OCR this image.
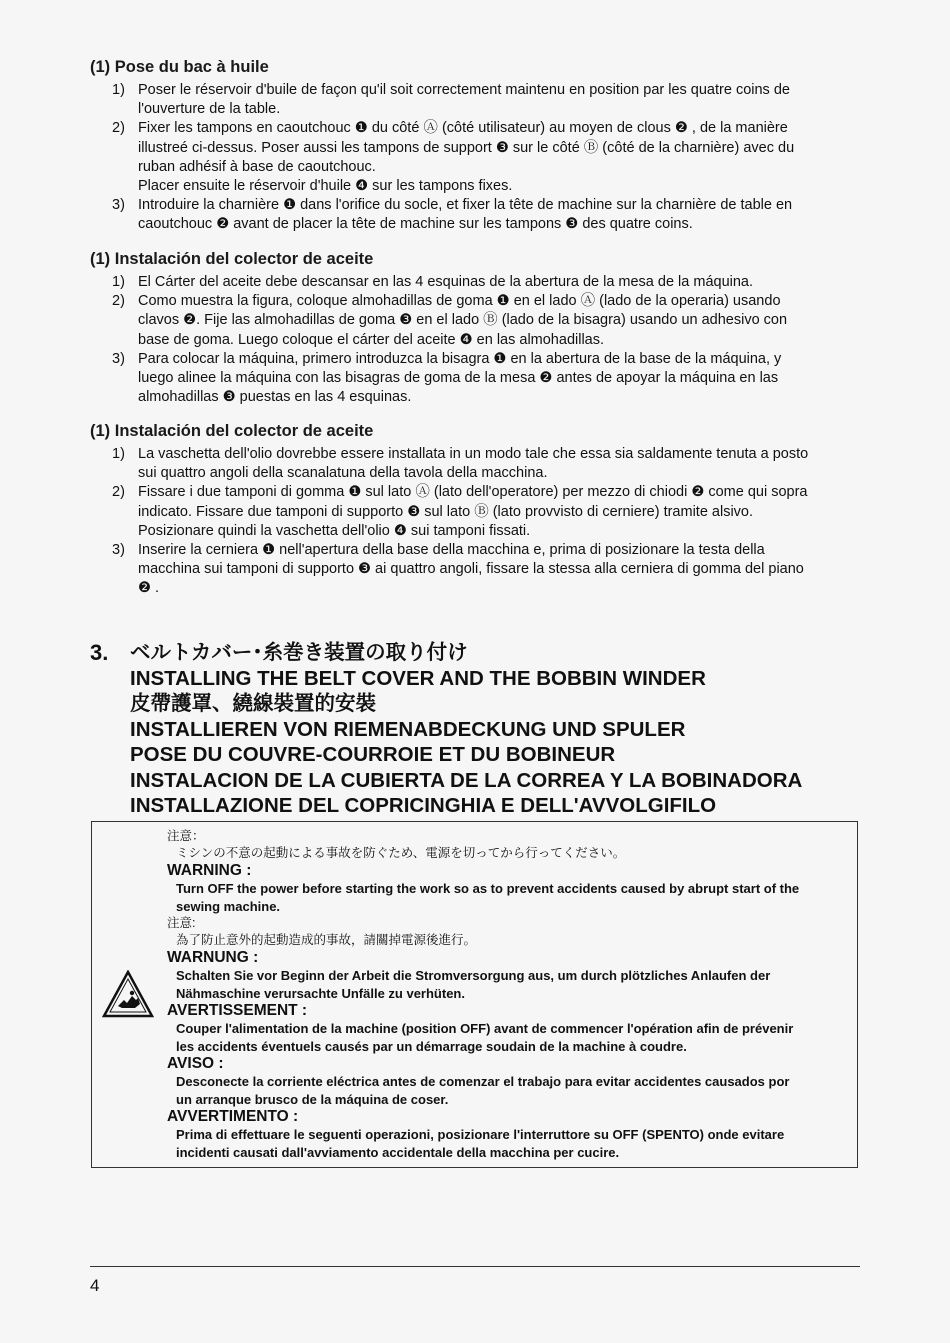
(1) Pose du bac à huile
1) Poser le réservoir d'buile de façon qu'il soit correctement maintenu en position par les quatre coins de
l'ouverture de la table.
2) Fixer les tampons en caoutchouc ❶ du côté Ⓐ (côté utilisateur) au moyen de clous ❷ , de la manière
illustreé ci-dessus. Poser aussi les tampons de support ❸ sur le côté Ⓑ (côté de la charnière) avec du
ruban adhésif à base de caoutchouc.
Placer ensuite le réservoir d'huile ❹ sur les tampons fixes.
3) Introduire la charnière ❶ dans l'orifice du socle, et fixer la tête de machine sur la charnière de table en
caoutchouc ❷ avant de placer la tête de machine sur les tampons ❸ des quatre coins.
(1) Instalación del colector de aceite
1) El Cárter del aceite debe descansar en las 4 esquinas de la abertura de la mesa de la máquina.
2) Como muestra la figura, coloque almohadillas de goma ❶ en el lado Ⓐ (lado de la operaria) usando
clavos ❷. Fije las almohadillas de goma ❸ en el lado Ⓑ (lado de la bisagra) usando un adhesivo con
base de goma. Luego coloque el cárter del aceite ❹ en las almohadillas.
3) Para colocar la máquina, primero introduzca la bisagra ❶ en la abertura de la base de la máquina, y
luego alinee la máquina con las bisagras de goma de la mesa ❷ antes de apoyar la máquina en las
almohadillas ❸ puestas en las 4 esquinas.
(1) Instalación del colector de aceite
1) La vaschetta dell'olio dovrebbe essere installata in un modo tale che essa sia saldamente tenuta a posto
sui quattro angoli della scanalatuna della tavola della macchina.
2) Fissare i due tamponi di gomma ❶ sul lato Ⓐ (lato dell'operatore) per mezzo di chiodi ❷ come qui sopra
indicato. Fissare due tamponi di supporto ❸ sul lato Ⓑ (lato provvisto di cerniere) tramite alsivo.
Posizionare quindi la vaschetta dell'olio ❹ sui tamponi fissati.
3) Inserire la cerniera ❶ nell'apertura della base della macchina e, prima di posizionare la testa della
macchina sui tamponi di supporto ❸ ai quattro angoli, fissare la stessa alla cerniera di gomma del piano
❷ .
3. ベルトカバー･糸巻き装置の取り付け
INSTALLING THE BELT COVER AND THE BOBBIN WINDER
皮帶護罩、繞線裝置的安裝
INSTALLIEREN VON RIEMENABDECKUNG UND SPULER
POSE DU COUVRE-COURROIE ET DU BOBINEUR
INSTALACION DE LA CUBIERTA DE LA CORREA Y LA BOBINADORA
INSTALLAZIONE DEL COPRICINGHIA E DELL'AVVOLGIFILO
注意：
ミシンの不意の起動による事故を防ぐため、電源を切ってから行ってください。
WARNING :
Turn OFF the power before starting the work so as to prevent accidents caused by abrupt start of the
sewing machine.
注意:
為了防止意外的起動造成的事故，請關掉電源後進行。
WARNUNG :
Schalten Sie vor Beginn der Arbeit die Stromversorgung aus, um durch plötzliches Anlaufen der
Nähmaschine verursachte Unfälle zu verhüten.
AVERTISSEMENT :
Couper l'alimentation de la machine (position OFF) avant de commencer l'opération afin de prévenir
les accidents éventuels causés par un démarrage soudain de la machine à coudre.
AVISO :
Desconecte la corriente eléctrica antes de comenzar el trabajo para evitar accidentes causados por
un arranque brusco de la máquina de coser.
AVVERTIMENTO :
Prima di effettuare le seguenti operazioni, posizionare l'interruttore su OFF (SPENTO) onde evitare
incidenti causati dall'avviamento accidentale della macchina per cucire.
4
